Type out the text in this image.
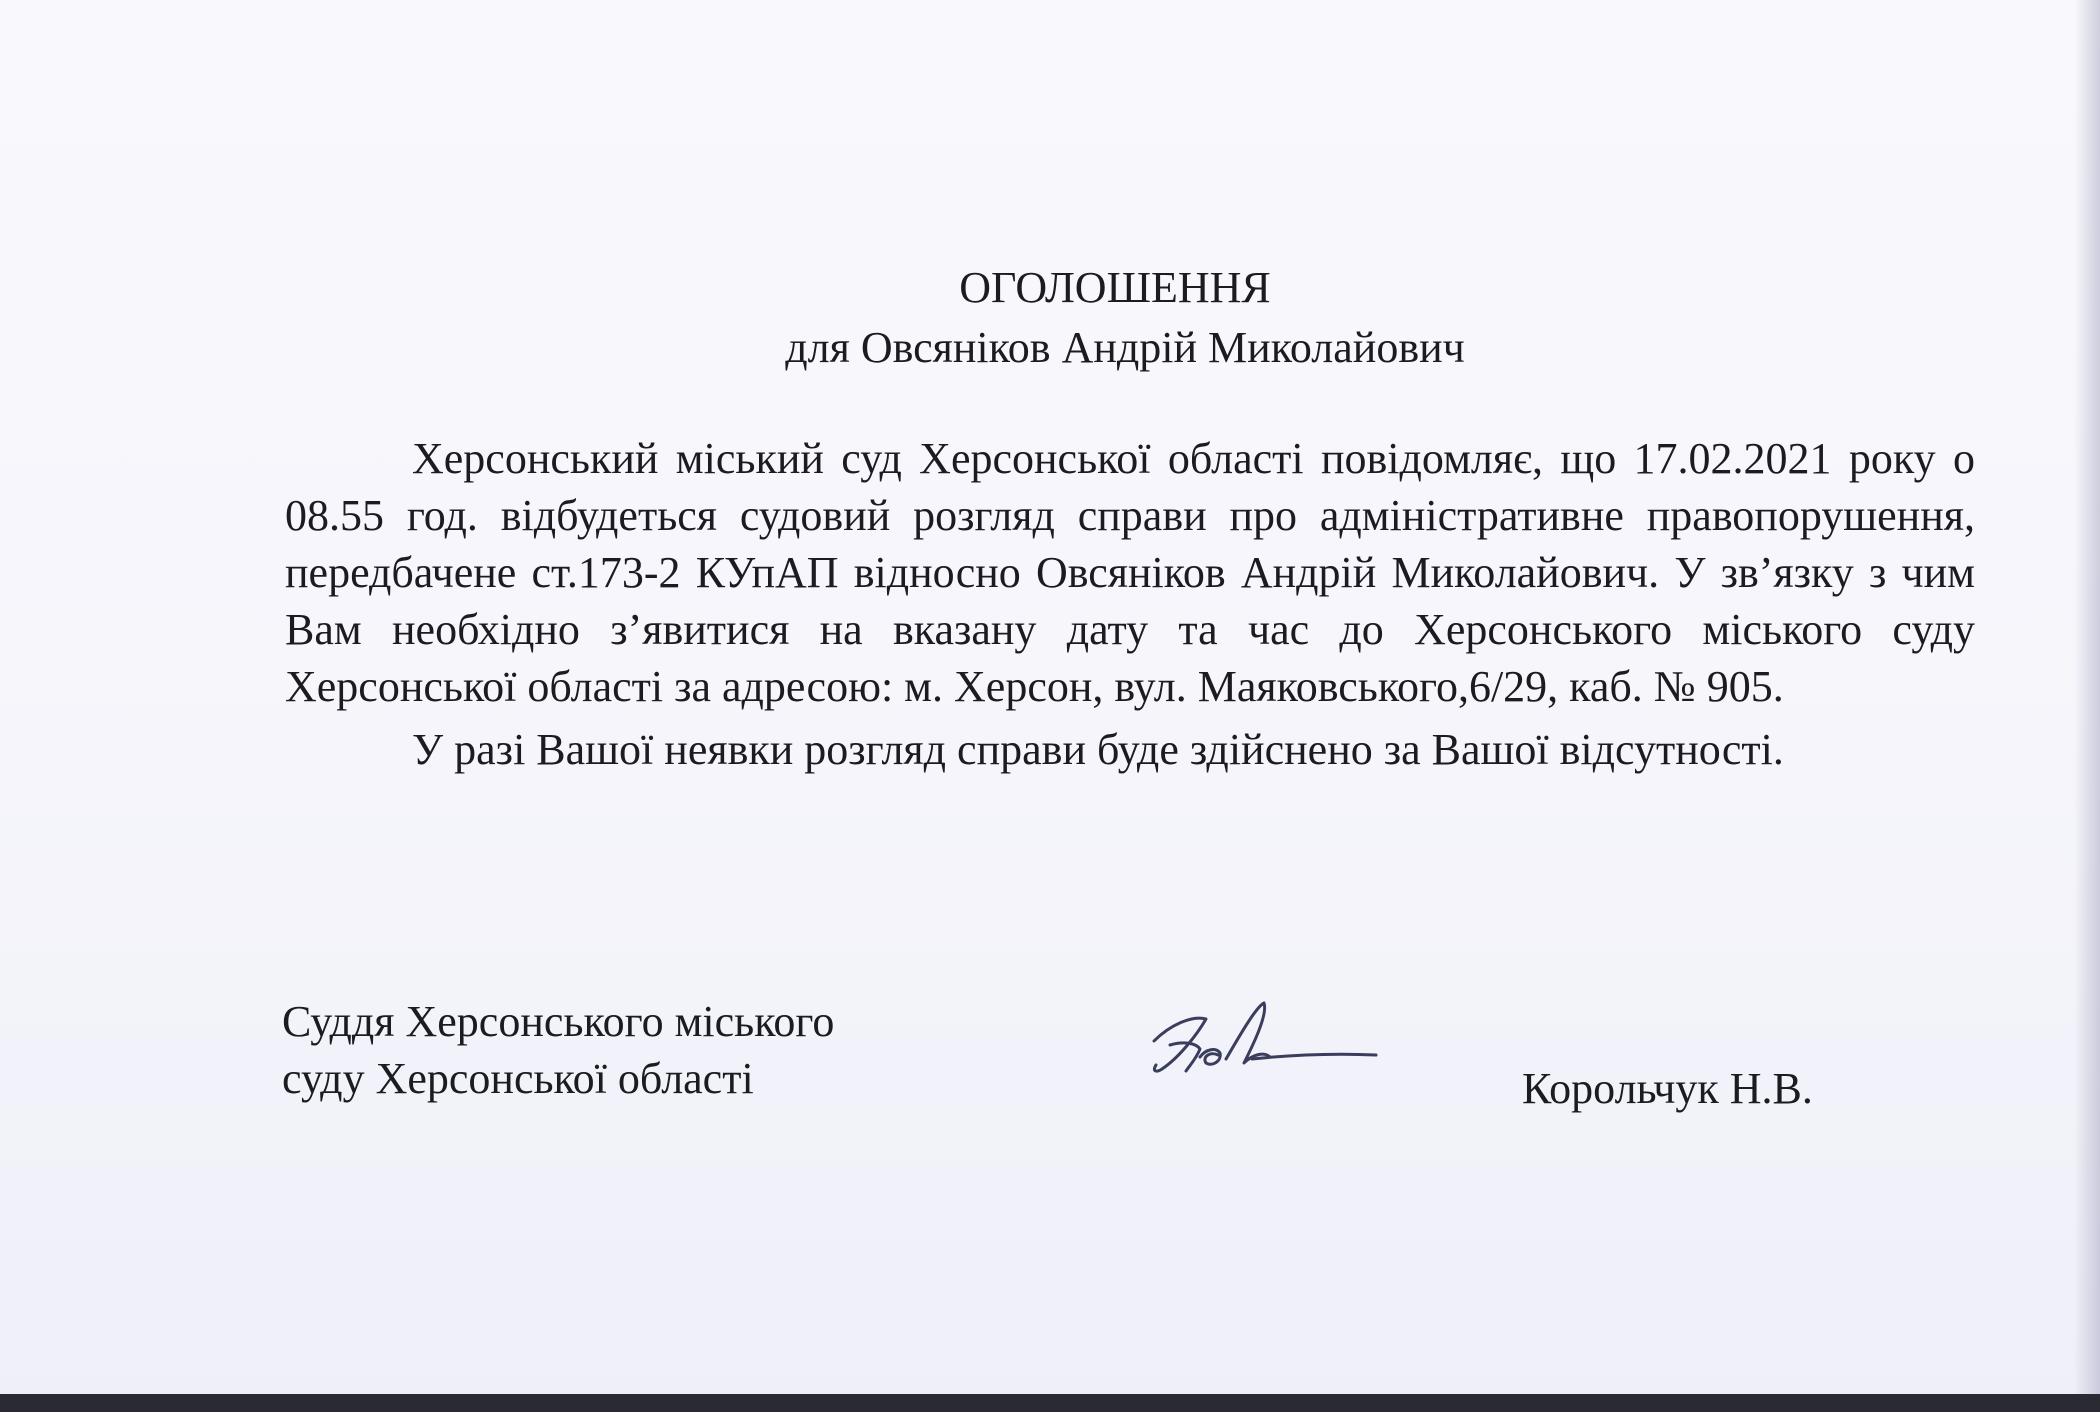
ОГОЛОШЕННЯ
для Овсяніков Андрій Миколайович

Херсонський міський суд Херсонської області повідомляє, що 17.02.2021 року о 08.55 год. відбудеться судовий розгляд справи про адміністративне правопорушення, передбачене ст.173-2 КУпАП відносно Овсяніков Андрій Миколайович. У зв’язку з чим Вам необхідно з’явитися на вказану дату та час до Херсонського міського суду Херсонської області за адресою: м. Херсон, вул. Маяковського,6/29, каб. № 905.

У разі Вашої неявки розгляд справи буде здійснено за Вашої відсутності.

Суддя Херсонського міського
суду Херсонської області	Корольчук Н.В.
